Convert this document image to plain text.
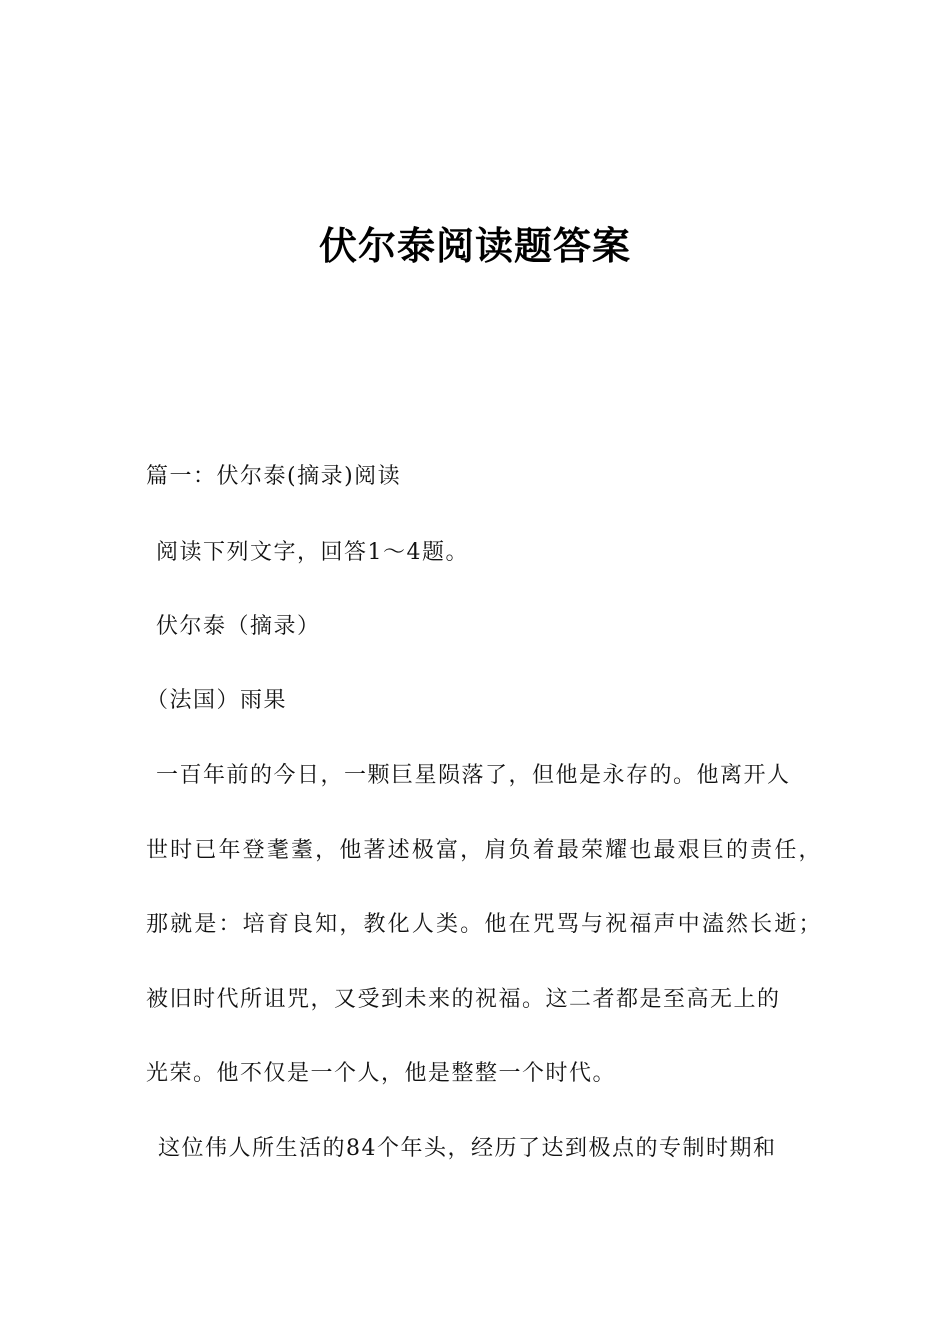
伏尔泰阅读题答案
篇一：伏尔泰(摘录)阅读
阅读下列文字，回答1～4题。
伏尔泰（摘录）
（法国）雨果
一百年前的今日，一颗巨星陨落了，但他是永存的。他离开人
世时已年登耄耋，他著述极富，肩负着最荣耀也最艰巨的责任，
那就是：培育良知，教化人类。他在咒骂与祝福声中溘然长逝；
被旧时代所诅咒，又受到未来的祝福。这二者都是至高无上的
光荣。他不仅是一个人，他是整整一个时代。
这位伟人所生活的84个年头，经历了达到极点的专制时期和
